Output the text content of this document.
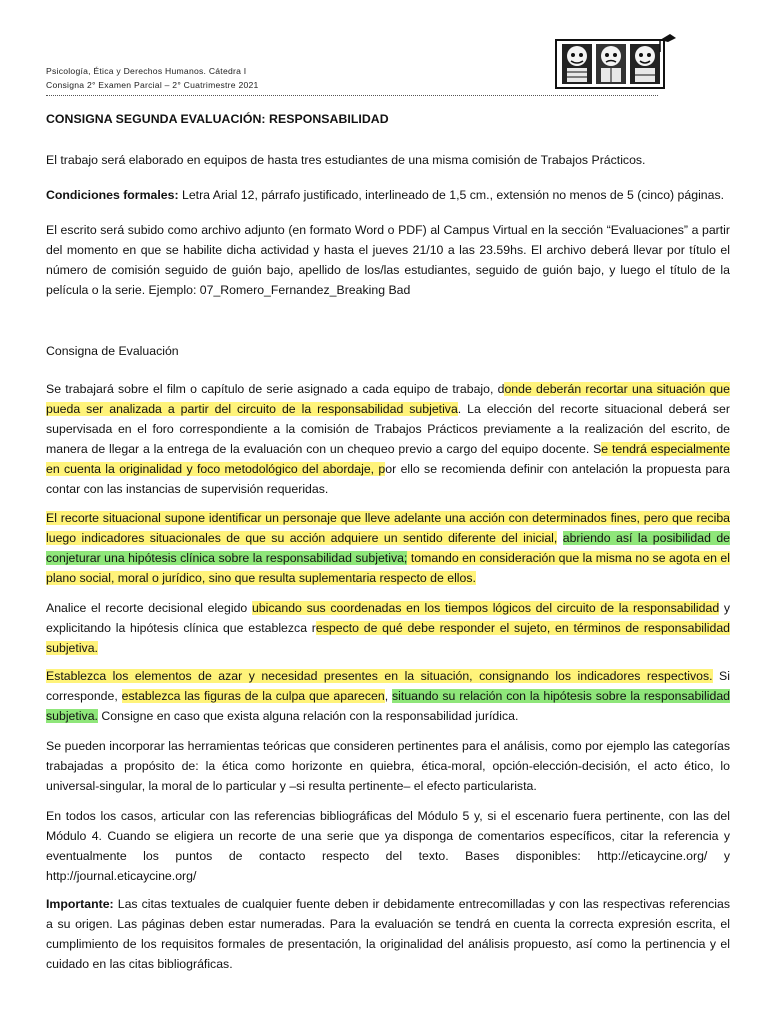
Psicología, Ética y Derechos Humanos. Cátedra I
Consigna 2° Examen Parcial – 2° Cuatrimestre 2021
CONSIGNA SEGUNDA EVALUACIÓN: RESPONSABILIDAD
El trabajo será elaborado en equipos de hasta tres estudiantes de una misma comisión de Trabajos Prácticos.
Condiciones formales: Letra Arial 12, párrafo justificado, interlineado de 1,5 cm., extensión no menos de 5 (cinco) páginas.
El escrito será subido como archivo adjunto (en formato Word o PDF) al Campus Virtual en la sección “Evaluaciones” a partir del momento en que se habilite dicha actividad y hasta el jueves 21/10 a las 23.59hs. El archivo deberá llevar por título el número de comisión seguido de guión bajo, apellido de los/las estudiantes, seguido de guión bajo, y luego el título de la película o la serie. Ejemplo: 07_Romero_Fernandez_Breaking Bad
Consigna de Evaluación
Se trabajará sobre el film o capítulo de serie asignado a cada equipo de trabajo, donde deberán recortar una situación que pueda ser analizada a partir del circuito de la responsabilidad subjetiva. La elección del recorte situacional deberá ser supervisada en el foro correspondiente a la comisión de Trabajos Prácticos previamente a la realización del escrito, de manera de llegar a la entrega de la evaluación con un chequeo previo a cargo del equipo docente. Se tendrá especialmente en cuenta la originalidad y foco metodológico del abordaje, por ello se recomienda definir con antelación la propuesta para contar con las instancias de supervisión requeridas.
El recorte situacional supone identificar un personaje que lleve adelante una acción con determinados fines, pero que reciba luego indicadores situacionales de que su acción adquiere un sentido diferente del inicial, abriendo así la posibilidad de conjeturar una hipótesis clínica sobre la responsabilidad subjetiva; tomando en consideración que la misma no se agota en el plano social, moral o jurídico, sino que resulta suplementaria respecto de ellos.
Analice el recorte decisional elegido ubicando sus coordenadas en los tiempos lógicos del circuito de la responsabilidad y explicitando la hipótesis clínica que establezca respecto de qué debe responder el sujeto, en términos de responsabilidad subjetiva.
Establezca los elementos de azar y necesidad presentes en la situación, consignando los indicadores respectivos. Si corresponde, establezca las figuras de la culpa que aparecen, situando su relación con la hipótesis sobre la responsabilidad subjetiva. Consigne en caso que exista alguna relación con la responsabilidad jurídica.
Se pueden incorporar las herramientas teóricas que consideren pertinentes para el análisis, como por ejemplo las categorías trabajadas a propósito de: la ética como horizonte en quiebra, ética-moral, opción-elección-decisión, el acto ético, lo universal-singular, la moral de lo particular y –si resulta pertinente– el efecto particularista.
En todos los casos, articular con las referencias bibliográficas del Módulo 5 y, si el escenario fuera pertinente, con las del Módulo 4. Cuando se eligiera un recorte de una serie que ya disponga de comentarios específicos, citar la referencia y eventualmente los puntos de contacto respecto del texto. Bases disponibles: http://eticaycine.org/ y http://journal.eticaycine.org/
Importante: Las citas textuales de cualquier fuente deben ir debidamente entrecomilladas y con las respectivas referencias a su origen. Las páginas deben estar numeradas. Para la evaluación se tendrá en cuenta la correcta expresión escrita, el cumplimiento de los requisitos formales de presentación, la originalidad del análisis propuesto, así como la pertinencia y el cuidado en las citas bibliográficas.
